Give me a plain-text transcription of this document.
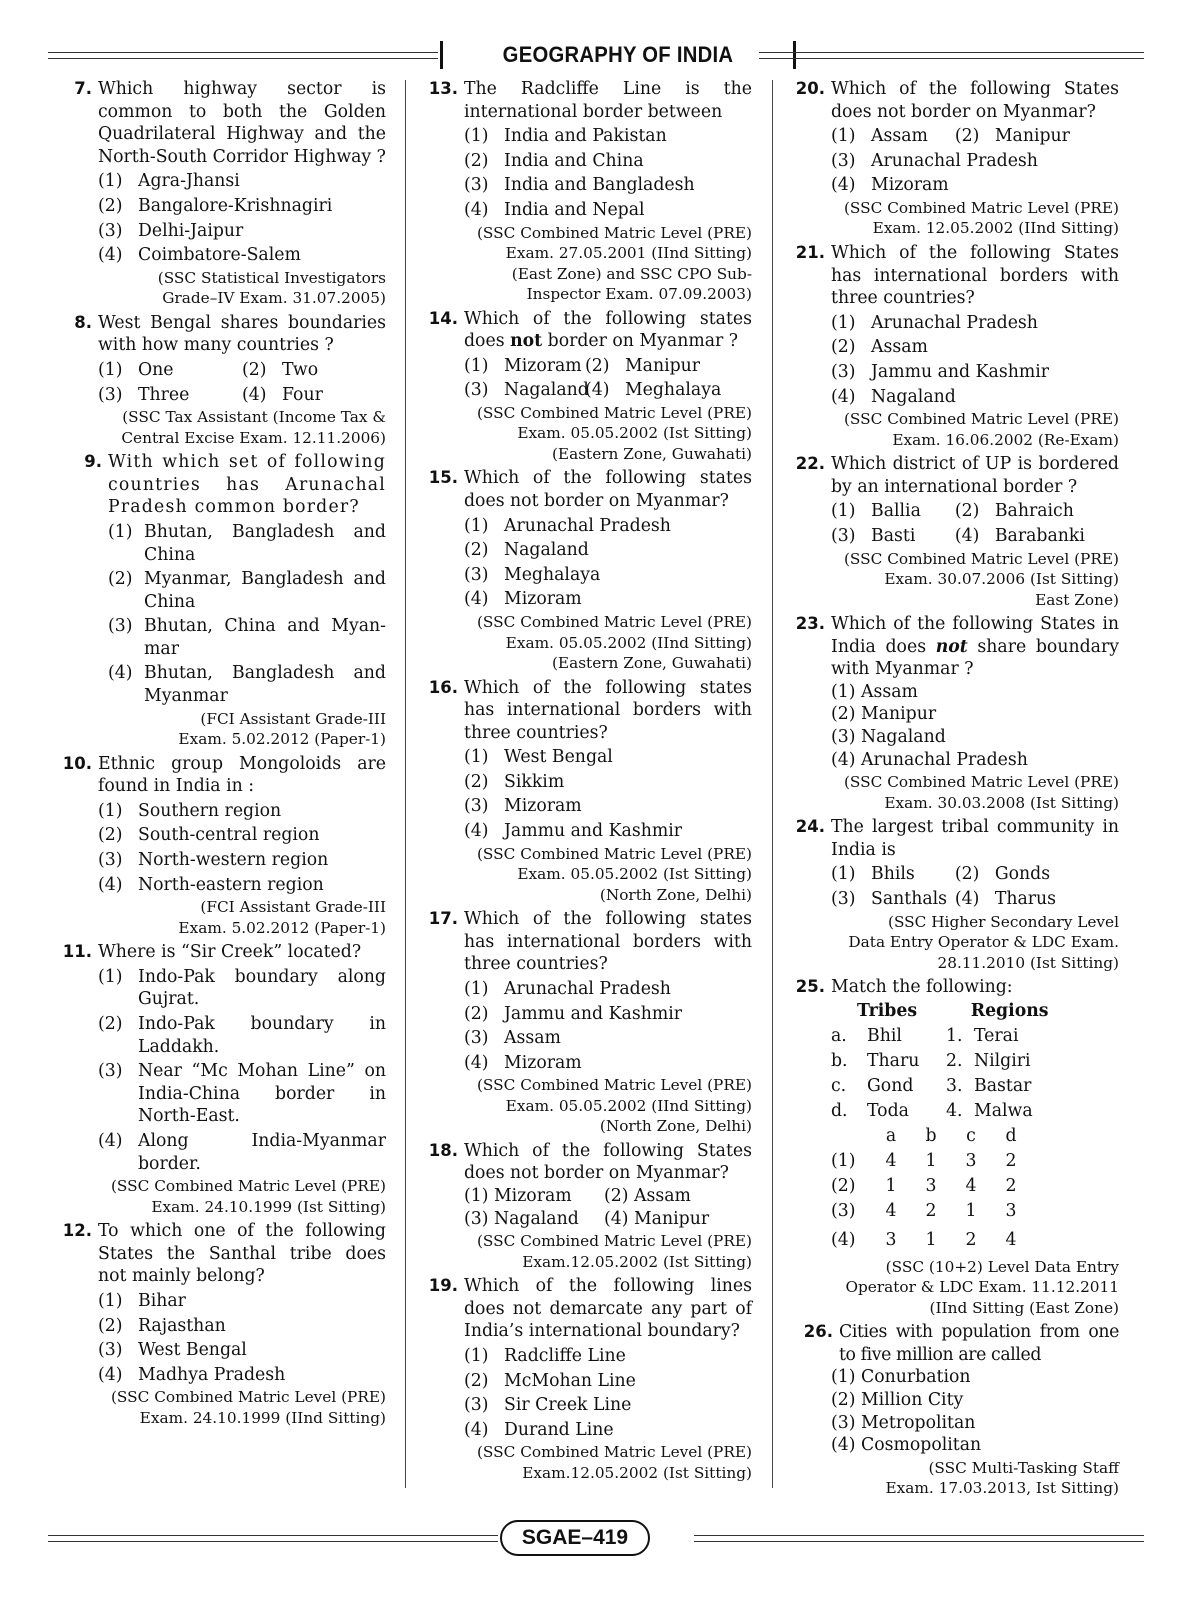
GEOGRAPHY OF INDIA
7. Which highway sector is common to both the Golden Quadrilateral Highway and the North-South Corridor Highway ?
(1) Agra-Jhansi
(2) Bangalore-Krishnagiri
(3) Delhi-Jaipur
(4) Coimbatore-Salem
(SSC Statistical Investigators
Grade–IV Exam. 31.07.2005)
8. West Bengal shares boundaries with how many countries ?
(1) One	(2) Two
(3) Three	(4) Four
(SSC Tax Assistant (Income Tax &
Central Excise Exam. 12.11.2006)
9. With which set of following countries has Arunachal Pradesh common border?
(1) Bhutan, Bangladesh and China
(2) Myanmar, Bangladesh and China
(3) Bhutan, China and Myan-mar
(4) Bhutan, Bangladesh and Myanmar
(FCI Assistant Grade-III
Exam. 5.02.2012 (Paper-1)
10. Ethnic group Mongoloids are found in India in :
(1) Southern region
(2) South-central region
(3) North-western region
(4) North-eastern region
(FCI Assistant Grade-III
Exam. 5.02.2012 (Paper-1)
11. Where is “Sir Creek” located?
(1) Indo-Pak boundary along Gujrat.
(2) Indo-Pak boundary in Laddakh.
(3) Near “Mc Mohan Line” on India-China border in North-East.
(4) Along India-Myanmar border.
(SSC Combined Matric Level (PRE)
Exam. 24.10.1999 (Ist Sitting)
12. To which one of the following States the Santhal tribe does not mainly belong?
(1) Bihar
(2) Rajasthan
(3) West Bengal
(4) Madhya Pradesh
(SSC Combined Matric Level (PRE)
Exam. 24.10.1999 (IInd Sitting)
13. The Radcliffe Line is the international border between
(1) India and Pakistan
(2) India and China
(3) India and Bangladesh
(4) India and Nepal
(SSC Combined Matric Level (PRE)
Exam. 27.05.2001 (IInd Sitting)
(East Zone) and SSC CPO Sub-
Inspector Exam. 07.09.2003)
14. Which of the following states does not border on Myanmar ?
(1) Mizoram (2) Manipur
(3) Nagaland
(4) Meghalaya
(SSC Combined Matric Level (PRE)
Exam. 05.05.2002 (Ist Sitting)
(Eastern Zone, Guwahati)
15. Which of the following states does not border on Myanmar?
(1) Arunachal Pradesh
(2) Nagaland
(3) Meghalaya
(4) Mizoram
(SSC Combined Matric Level (PRE)
Exam. 05.05.2002 (IInd Sitting)
(Eastern Zone, Guwahati)
16. Which of the following states has international borders with three countries?
(1) West Bengal
(2) Sikkim
(3) Mizoram
(4) Jammu and Kashmir
(SSC Combined Matric Level (PRE)
Exam. 05.05.2002 (Ist Sitting)
(North Zone, Delhi)
17. Which of the following states has international borders with three countries?
(1) Arunachal Pradesh
(2) Jammu and Kashmir
(3) Assam
(4) Mizoram
(SSC Combined Matric Level (PRE)
Exam. 05.05.2002 (IInd Sitting)
(North Zone, Delhi)
18. Which of the following States does not border on Myanmar?
(1) Mizoram	(2) Assam
(3) Nagaland	(4) Manipur
(SSC Combined Matric Level (PRE)
Exam.12.05.2002 (Ist Sitting)
19. Which of the following lines does not demarcate any part of India’s international boundary?
(1) Radcliffe Line
(2) McMohan Line
(3) Sir Creek Line
(4) Durand Line
(SSC Combined Matric Level (PRE)
Exam.12.05.2002 (Ist Sitting)
20. Which of the following States does not border on Myanmar?
(1) Assam	(2) Manipur
(3) Arunachal Pradesh
(4) Mizoram
(SSC Combined Matric Level (PRE)
Exam. 12.05.2002 (IInd Sitting)
21. Which of the following States has international borders with three countries?
(1) Arunachal Pradesh
(2) Assam
(3) Jammu and Kashmir
(4) Nagaland
(SSC Combined Matric Level (PRE)
Exam. 16.06.2002 (Re-Exam)
22. Which district of UP is bordered by an international border ?
(1) Ballia	(2) Bahraich
(3) Basti	(4) Barabanki
(SSC Combined Matric Level (PRE)
Exam. 30.07.2006 (Ist Sitting)
East Zone)
23. Which of the following States in India does not share boundary with Myanmar ?
(1) Assam
(2) Manipur
(3) Nagaland
(4) Arunachal Pradesh
(SSC Combined Matric Level (PRE)
Exam. 30.03.2008 (Ist Sitting)
24. The largest tribal community in India is
(1) Bhils	(2) Gonds
(3) Santhals (4) Tharus
(SSC Higher Secondary Level
Data Entry Operator & LDC Exam.
28.11.2010 (Ist Sitting)
25. Match the following:
Tribes	Regions
a. Bhil	1. Terai
b. Tharu	2. Nilgiri
c. Gond	3. Bastar
d. Toda	4. Malwa
a	b	c	d
(1)	4	1	3	2
(2)	1	3	4	2
(3)	4	2	1	3
(4)	3	1	2	4
(SSC (10+2) Level Data Entry
Operator & LDC Exam. 11.12.2011
(IInd Sitting (East Zone)
26. Cities with population from one to five million are called
(1) Conurbation
(2) Million City
(3) Metropolitan
(4) Cosmopolitan
(SSC Multi-Tasking Staff
Exam. 17.03.2013, Ist Sitting)
SGAE–419
